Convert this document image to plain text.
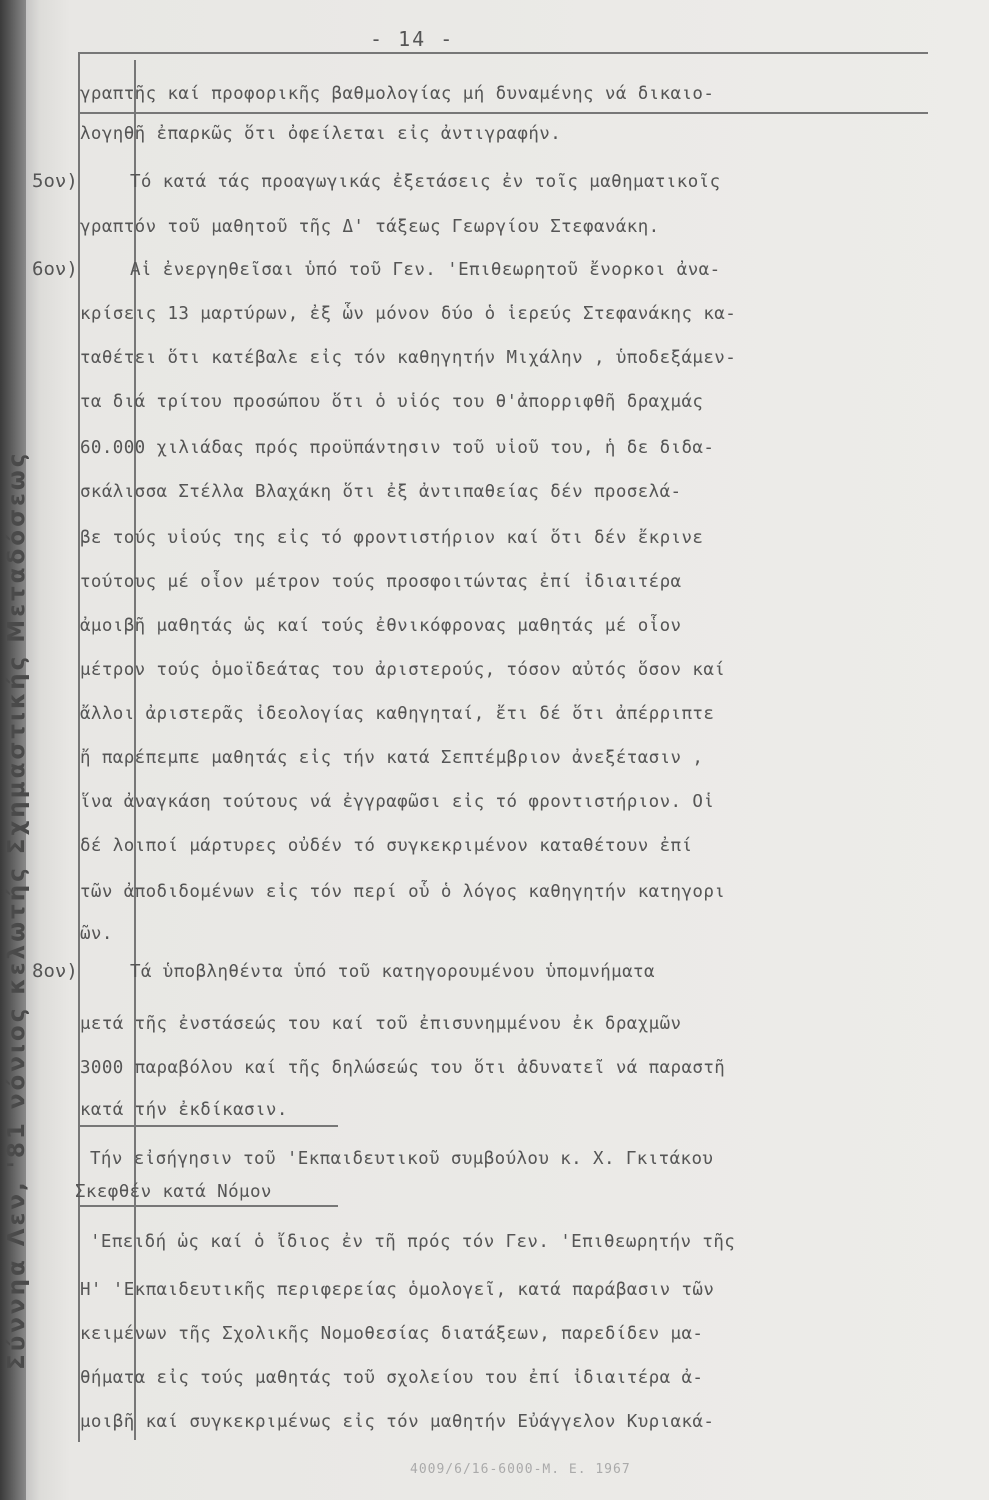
Σύννηα Λεν, '81 νόνιος κελωτής Σχημαστικής Μεταδόσεως
- 14 -
5ον)
6ον)
8ον)
γραπτῆς καί προφορικῆς βαθμολογίας μή δυναμένης νά δικαιο-
λογηθῆ ἐπαρκῶς ὅτι ὀφείλεται εἰς ἀντιγραφήν.
Τό κατά τάς προαγωγικάς ἐξετάσεις ἐν τοῖς μαθηματικοῖς
γραπτόν τοῦ μαθητοῦ τῆς Δ' τάξεως Γεωργίου Στεφανάκη.
Αἱ ἐνεργηθεῖσαι ὑπό τοῦ Γεν. 'Επιθεωρητοῦ ἔνορκοι ἀνα-
κρίσεις 13 μαρτύρων, ἐξ ὧν μόνον δύο ὁ ἱερεύς Στεφανάκης κα-
ταθέτει ὅτι κατέβαλε εἰς τόν καθηγητήν Μιχάλην , ὑποδεξάμεν-
τα διά τρίτου προσώπου ὅτι ὁ υἱός του θ'ἀπορριφθῆ δραχμάς
60.000 χιλιάδας πρός προϋπάντησιν τοῦ υἱοῦ του, ἡ δε διδα-
σκάλισσα Στέλλα Βλαχάκη ὅτι ἐξ ἀντιπαθείας δέν προσελά-
βε τούς υἱούς της εἰς τό φροντιστήριον καί ὅτι δέν ἔκρινε
τούτους μέ οἷον μέτρον τούς προσφοιτώντας ἐπί ἰδιαιτέρα
ἀμοιβῆ μαθητάς ὡς καί τούς ἐθνικόφρονας μαθητάς μέ οἷον
μέτρον τούς ὁμοϊδεάτας του ἀριστερούς, τόσον αὐτός ὅσον καί
ἄλλοι ἀριστερᾶς ἰδεολογίας καθηγηταί, ἔτι δέ ὅτι ἀπέρριπτε
ἤ παρέπεμπε μαθητάς εἰς τήν κατά Σεπτέμβριον ἀνεξέτασιν ,
ἵνα ἀναγκάση τούτους νά ἐγγραφῶσι εἰς τό φροντιστήριον. Οἱ
δέ λοιποί μάρτυρες οὐδέν τό συγκεκριμένον καταθέτουν ἐπί
τῶν ἀποδιδομένων εἰς τόν περί οὗ ὁ λόγος καθηγητήν κατηγορι
ῶν.
Τά ὑποβληθέντα ὑπό τοῦ κατηγορουμένου ὑπομνήματα
μετά τῆς ἐνστάσεώς του καί τοῦ ἐπισυνημμένου ἐκ δραχμῶν
3000 παραβόλου καί τῆς δηλώσεώς του ὅτι ἀδυνατεῖ νά παραστῆ
κατά τήν ἐκδίκασιν.
Τήν εἰσήγησιν τοῦ 'Εκπαιδευτικοῦ συμβούλου κ. Χ. Γκιτάκου
Σκεφθέν κατά Νόμον
'Επειδή ὡς καί ὁ ἴδιος ἐν τῆ πρός τόν Γεν. 'Επιθεωρητήν τῆς
Η' 'Εκπαιδευτικῆς περιφερείας ὁμολογεῖ, κατά παράβασιν τῶν
κειμένων τῆς Σχολικῆς Νομοθεσίας διατάξεων, παρεδίδεν μα-
θήματα εἰς τούς μαθητάς τοῦ σχολείου του ἐπί ἰδιαιτέρα ἀ-
μοιβῆ καί συγκεκριμένως εἰς τόν μαθητήν Εὐάγγελον Κυριακά-
4009/6/16-6000-Μ. Ε. 1967
